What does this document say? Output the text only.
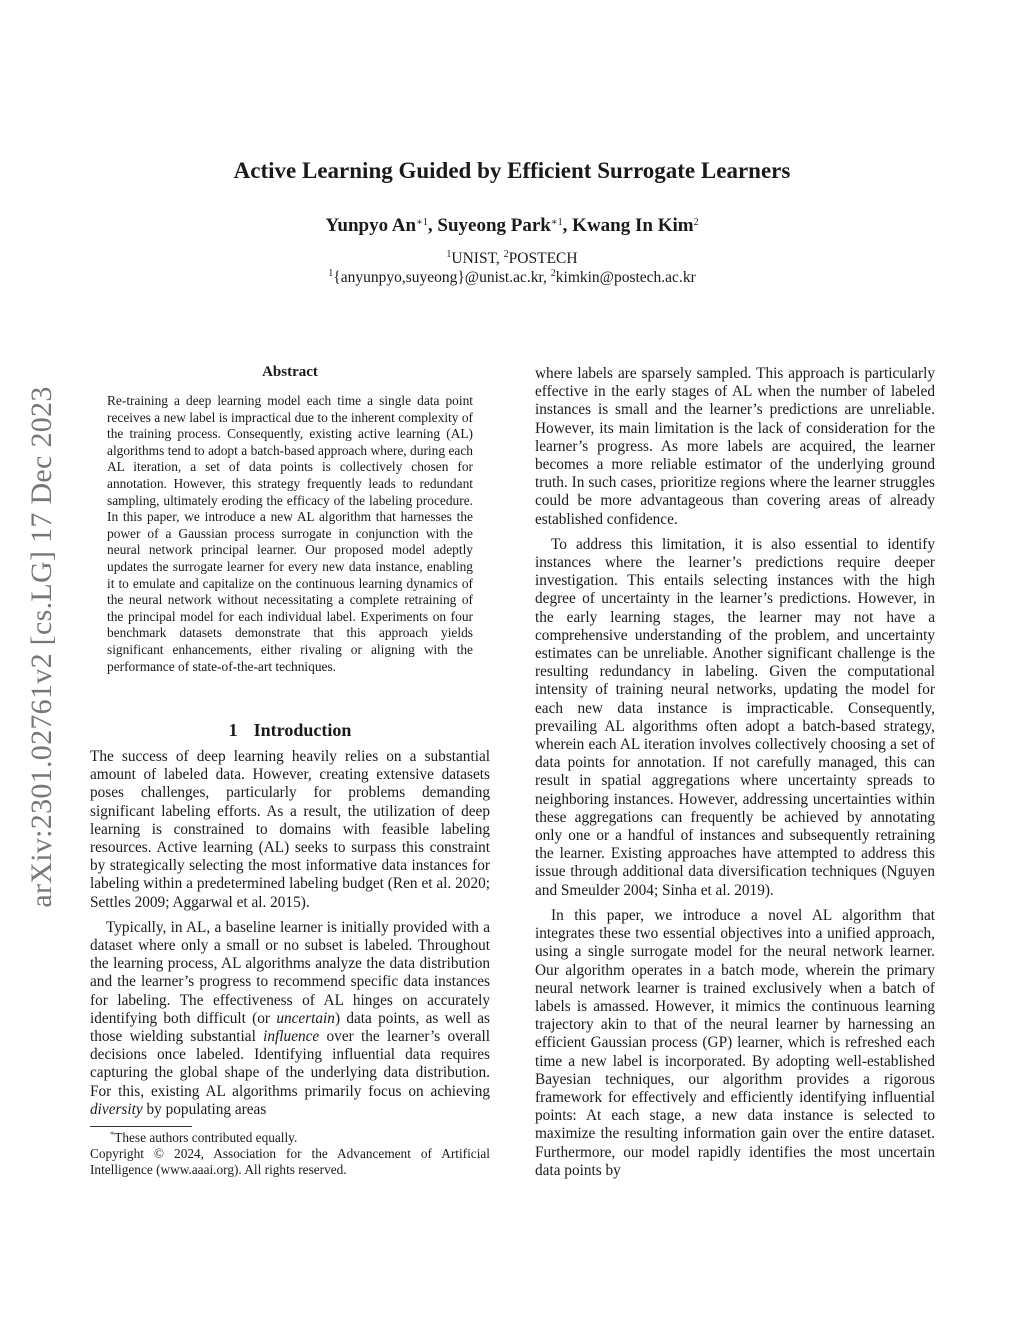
arXiv:2301.02761v2 [cs.LG] 17 Dec 2023
Active Learning Guided by Efficient Surrogate Learners
Yunpyo $An^{∗1}$, Suyeong Park$^{∗1}$, Kwang In Kim$^2$
$^1$UNIST, $^2$POSTECH
$^1${anyunpyo,suyeong}@unist.ac.kr, $^2$kimkin@postech.ac.kr
Abstract
Re-training a deep learning model each time a single data point receives a new label is impractical due to the inherent complexity of the training process. Consequently, existing active learning (AL) algorithms tend to adopt a batch-based approach where, during each AL iteration, a set of data points is collectively chosen for annotation. However, this strategy frequently leads to redundant sampling, ultimately eroding the efficacy of the labeling procedure. In this paper, we introduce a new AL algorithm that harnesses the power of a Gaussian process surrogate in conjunction with the neural network principal learner. Our proposed model adeptly updates the surrogate learner for every new data instance, enabling it to emulate and capitalize on the continuous learning dynamics of the neural network without necessitating a complete retraining of the principal model for each individual label. Experiments on four benchmark datasets demonstrate that this approach yields significant enhancements, either rivaling or aligning with the performance of state-of-the-art techniques.
1 Introduction

The success of deep learning heavily relies on a substantial amount of labeled data. However, creating extensive datasets poses challenges, particularly for problems demanding significant labeling efforts. As a result, the utilization of deep learning is constrained to domains with feasible labeling resources. Active learning (AL) seeks to surpass this constraint by strategically selecting the most informative data instances for labeling within a predetermined labeling budget (Ren et al. 2020; Settles 2009; Aggarwal et al. 2015).

Typically, in AL, a baseline learner is initially provided with a dataset where only a small or no subset is labeled. Throughout the learning process, AL algorithms analyze the data distribution and the learner’s progress to recommend specific data instances for labeling. The effectiveness of AL hinges on accurately identifying both difficult (or uncertain) data points, as well as those wielding substantial influence over the learner’s overall decisions once labeled. Identifying influential data requires capturing the global shape of the underlying data distribution. For this, existing AL algorithms primarily focus on achieving diversity by populating areas

*These authors contributed equally.
Copyright © 2024, Association for the Advancement of Artificial Intelligence (www.aaai.org). All rights reserved.

where labels are sparsely sampled. This approach is particularly effective in the early stages of AL when the number of labeled instances is small and the learner’s predictions are unreliable. However, its main limitation is the lack of consideration for the learner’s progress. As more labels are acquired, the learner becomes a more reliable estimator of the underlying ground truth. In such cases, prioritize regions where the learner struggles could be more advantageous than covering areas of already established confidence.

To address this limitation, it is also essential to identify instances where the learner’s predictions require deeper investigation. This entails selecting instances with the high degree of uncertainty in the learner’s predictions. However, in the early learning stages, the learner may not have a comprehensive understanding of the problem, and uncertainty estimates can be unreliable. Another significant challenge is the resulting redundancy in labeling. Given the computational intensity of training neural networks, updating the model for each new data instance is impracticable. Consequently, prevailing AL algorithms often adopt a batch-based strategy, wherein each AL iteration involves collectively choosing a set of data points for annotation. If not carefully managed, this can result in spatial aggregations where uncertainty spreads to neighboring instances. However, addressing uncertainties within these aggregations can frequently be achieved by annotating only one or a handful of instances and subsequently retraining the learner. Existing approaches have attempted to address this issue through additional data diversification techniques (Nguyen and Smeulder 2004; Sinha et al. 2019).

In this paper, we introduce a novel AL algorithm that integrates these two essential objectives into a unified approach, using a single surrogate model for the neural network learner. Our algorithm operates in a batch mode, wherein the primary neural network learner is trained exclusively when a batch of labels is amassed. However, it mimics the continuous learning trajectory akin to that of the neural learner by harnessing an efficient Gaussian process (GP) learner, which is refreshed each time a new label is incorporated. By adopting well-established Bayesian techniques, our algorithm provides a rigorous framework for effectively and efficiently identifying influential points: At each stage, a new data instance is selected to maximize the resulting information gain over the entire dataset. Furthermore, our model rapidly identifies the most uncertain data points by
